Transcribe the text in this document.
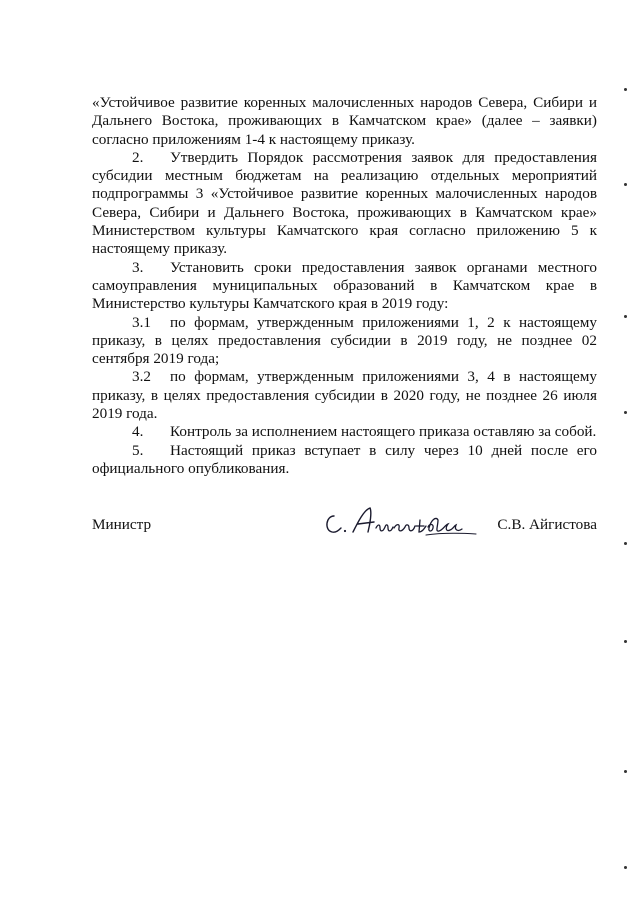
«Устойчивое развитие коренных малочисленных народов Севера, Сибири и Дальнего Востока, проживающих в Камчатском крае» (далее – заявки) согласно приложениям 1-4 к настоящему приказу.

2. Утвердить Порядок рассмотрения заявок для предоставления субсидии местным бюджетам на реализацию отдельных мероприятий подпрограммы 3 «Устойчивое развитие коренных малочисленных народов Севера, Сибири и Дальнего Востока, проживающих в Камчатском крае» Министерством культуры Камчатского края согласно приложению 5 к настоящему приказу.

3. Установить сроки предоставления заявок органами местного самоуправления муниципальных образований в Камчатском крае в Министерство культуры Камчатского края в 2019 году:

3.1 по формам, утвержденным приложениями 1, 2 к настоящему приказу, в целях предоставления субсидии в 2019 году, не позднее 02 сентября 2019 года;

3.2 по формам, утвержденным приложениями 3, 4 в настоящему приказу, в целях предоставления субсидии в 2020 году, не позднее 26 июля 2019 года.

4. Контроль за исполнением настоящего приказа оставляю за собой.

5. Настоящий приказ вступает в силу через 10 дней после его официального опубликования.

Министр	С.В. Айгистова
